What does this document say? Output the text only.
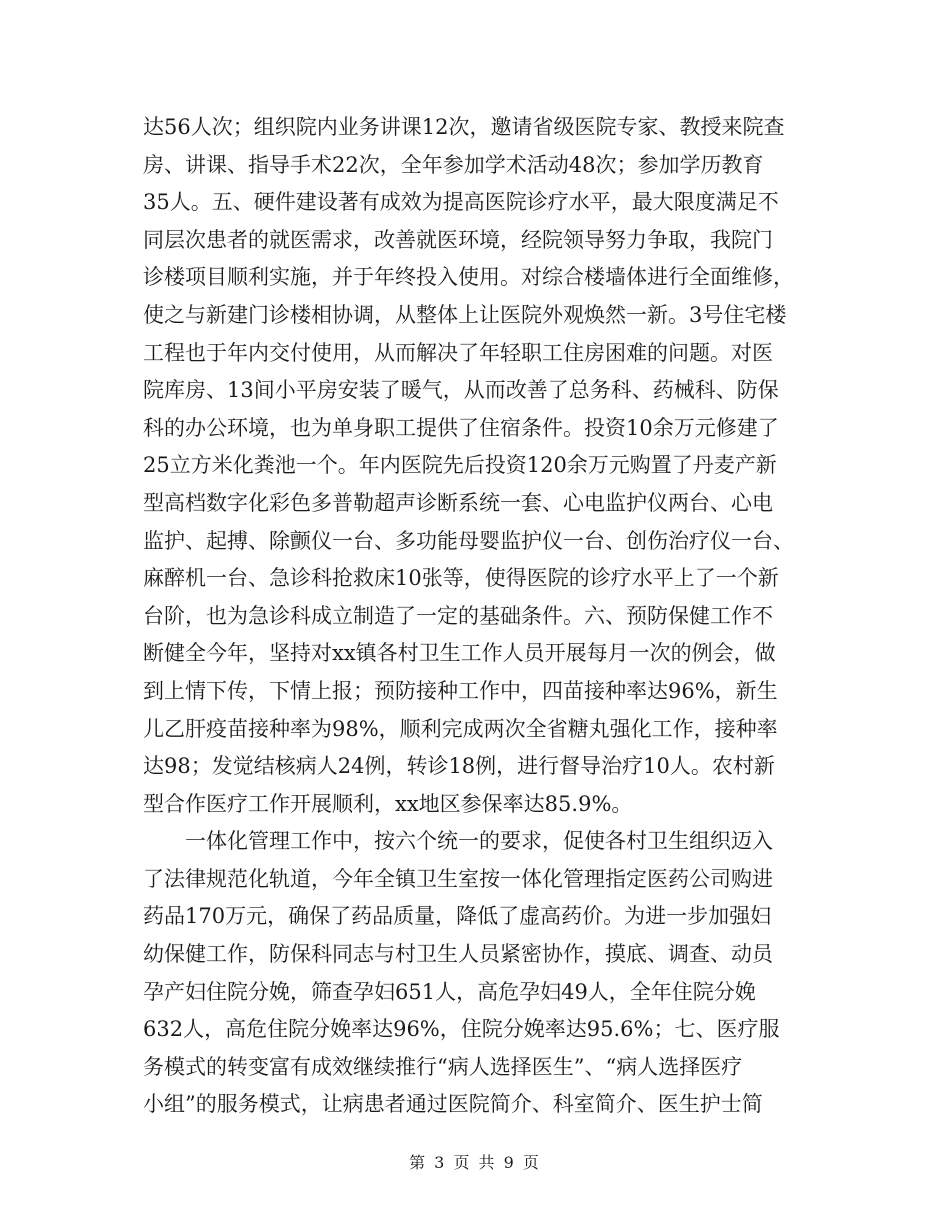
达56人次；组织院内业务讲课12次，邀请省级医院专家、教授来院查
房、讲课、指导手术22次，全年参加学术活动48次；参加学历教育
35人。五、硬件建设著有成效为提高医院诊疗水平，最大限度满足不
同层次患者的就医需求，改善就医环境，经院领导努力争取，我院门
诊楼项目顺利实施，并于年终投入使用。对综合楼墙体进行全面维修，
使之与新建门诊楼相协调，从整体上让医院外观焕然一新。3号住宅楼
工程也于年内交付使用，从而解决了年轻职工住房困难的问题。对医
院库房、13间小平房安装了暖气，从而改善了总务科、药械科、防保
科的办公环境，也为单身职工提供了住宿条件。投资10余万元修建了
25立方米化粪池一个。年内医院先后投资120余万元购置了丹麦产新
型高档数字化彩色多普勒超声诊断系统一套、心电监护仪两台、心电
监护、起搏、除颤仪一台、多功能母婴监护仪一台、创伤治疗仪一台、
麻醉机一台、急诊科抢救床10张等，使得医院的诊疗水平上了一个新
台阶，也为急诊科成立制造了一定的基础条件。六、预防保健工作不
断健全今年，坚持对xx镇各村卫生工作人员开展每月一次的例会，做
到上情下传，下情上报；预防接种工作中，四苗接种率达96%，新生
儿乙肝疫苗接种率为98%，顺利完成两次全省糖丸强化工作，接种率
达98；发觉结核病人24例，转诊18例，进行督导治疗10人。农村新
型合作医疗工作开展顺利，xx地区参保率达85.9%。
一体化管理工作中，按六个统一的要求，促使各村卫生组织迈入
了法律规范化轨道，今年全镇卫生室按一体化管理指定医药公司购进
药品170万元，确保了药品质量，降低了虚高药价。为进一步加强妇
幼保健工作，防保科同志与村卫生人员紧密协作，摸底、调查、动员
孕产妇住院分娩，筛查孕妇651人，高危孕妇49人，全年住院分娩
632人，高危住院分娩率达96%，住院分娩率达95.6%；七、医疗服
务模式的转变富有成效继续推行“病人选择医生”、“病人选择医疗
小组”的服务模式，让病患者通过医院简介、科室简介、医生护士简
第 3 页 共 9 页
